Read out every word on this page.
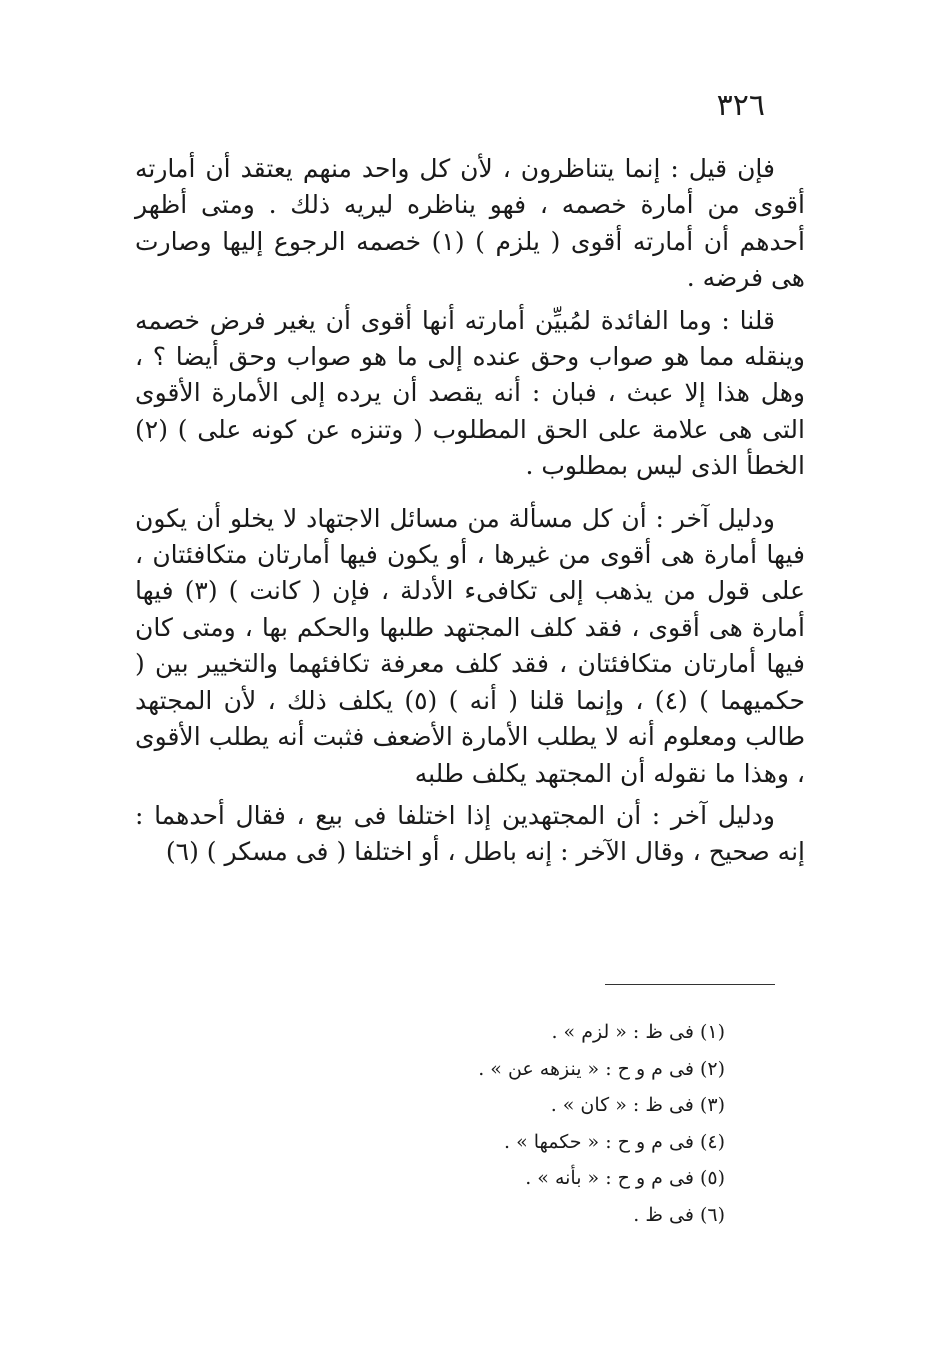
٣٢٦

فإن قيل : إنما يتناظرون ، لأن كل واحد منهم يعتقد أن أمارته أقوى من أمارة خصمه ، فهو يناظره ليريه ذلك . ومتى أظهر أحدهم أن أمارته أقوى ( يلزم ) (١) خصمه الرجوع إليها وصارت هى فرضه .

قلنا : وما الفائدة لمُبيِّن أمارته أنها أقوى أن يغير فرض خصمه وينقله مما هو صواب وحق عنده إلى ما هو صواب وحق أيضا ؟ ، وهل هذا إلا عبث ، فبان : أنه يقصد أن يرده إلى الأمارة الأقوى التى هى علامة على الحق المطلوب ( وتنزه عن كونه على ) (٢) الخطأ الذى ليس بمطلوب .

ودليل آخر : أن كل مسألة من مسائل الاجتهاد لا يخلو أن يكون فيها أمارة هى أقوى من غيرها ، أو يكون فيها أمارتان متكافئتان ، على قول من يذهب إلى تكافىء الأدلة ، فإن ( كانت ) (٣) فيها أمارة هى أقوى ، فقد كلف المجتهد طلبها والحكم بها ، ومتى كان فيها أمارتان متكافئتان ، فقد كلف معرفة تكافئهما والتخيير بين ( حكميهما ) (٤) ، وإنما قلنا ( أنه ) (٥) يكلف ذلك ، لأن المجتهد طالب ومعلوم أنه لا يطلب الأمارة الأضعف فثبت أنه يطلب الأقوى ، وهذا ما نقوله أن المجتهد يكلف طلبه

ودليل آخر : أن المجتهدين إذا اختلفا فى بيع ، فقال أحدهما : إنه صحيح ، وقال الآخر : إنه باطل ، أو اختلفا ( فى مسكر ) (٦)

(١) فى ظ : « لزم » .
(٢) فى م و ح : « ينزهه عن » .
(٣) فى ظ : « كان » .
(٤) فى م و ح : « حكمها » .
(٥) فى م و ح : « بأنه » .
(٦) فى ظ .
